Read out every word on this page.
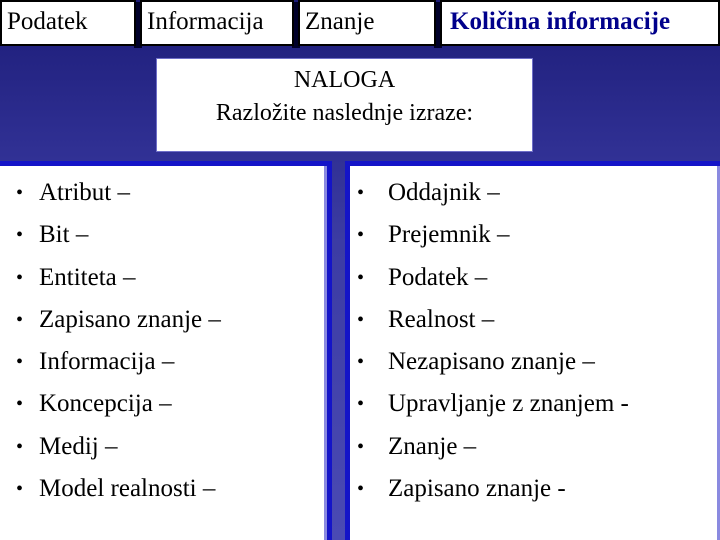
Podatek	Informacija	Znanje	Količina informacije
NALOGA
Razložite naslednje izraze:
• Atribut –
• Bit –
• Entiteta –
• Zapisano znanje –
• Informacija –
• Koncepcija –
• Medij –
• Model realnosti –
• Oddajnik –
• Prejemnik –
• Podatek –
• Realnost –
• Nezapisano znanje –
• Upravljanje z znanjem -
• Znanje –
• Zapisano znanje -
